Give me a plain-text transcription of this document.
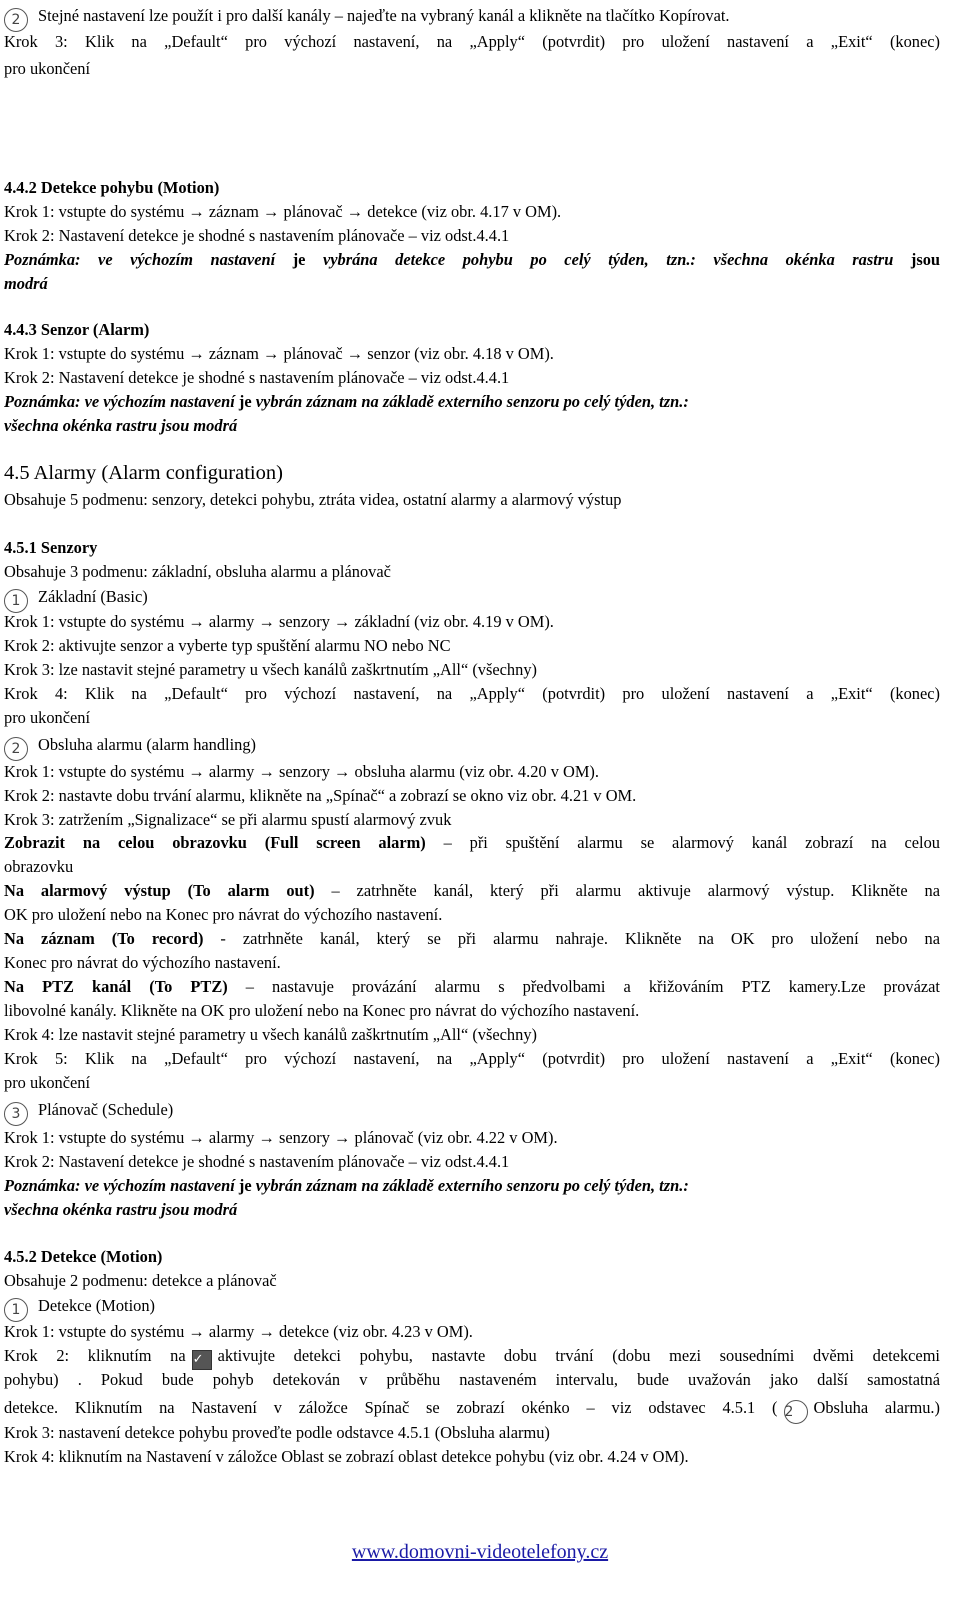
2 Stejné nastavení lze použít i pro další kanály – najeďte na vybraný kanál a klikněte na tlačítko Kopírovat.
Krok 3: Klik na „Default“ pro výchozí nastavení, na „Apply“ (potvrdit) pro uložení nastavení a „Exit“ (konec)
pro ukončení
4.4.2 Detekce pohybu (Motion)
Krok 1: vstupte do systému → záznam → plánovač → detekce (viz obr. 4.17 v OM).
Krok 2: Nastavení detekce je shodné s nastavením plánovače – viz odst.4.4.1
Poznámka: ve výchozím nastavení je vybrána detekce pohybu po celý týden, tzn.: všechna okénka rastru jsou
modrá
4.4.3 Senzor (Alarm)
Krok 1: vstupte do systému → záznam → plánovač → senzor (viz obr. 4.18 v OM).
Krok 2: Nastavení detekce je shodné s nastavením plánovače – viz odst.4.4.1
Poznámka: ve výchozím nastavení je vybrán záznam na základě externího senzoru po celý týden, tzn.:
všechna okénka rastru jsou modrá
4.5 Alarmy (Alarm configuration)
Obsahuje 5 podmenu: senzory, detekci pohybu, ztráta videa, ostatní alarmy a alarmový výstup
4.5.1 Senzory
Obsahuje 3 podmenu: základní, obsluha alarmu a plánovač
1 Základní (Basic)
Krok 1: vstupte do systému → alarmy → senzory → základní (viz obr. 4.19 v OM).
Krok 2: aktivujte senzor a vyberte typ spuštění alarmu NO nebo NC
Krok 3: lze nastavit stejné parametry u všech kanálů zaškrtnutím „All“ (všechny)
Krok 4: Klik na „Default“ pro výchozí nastavení, na „Apply“ (potvrdit) pro uložení nastavení a „Exit“ (konec)
pro ukončení
2 Obsluha alarmu (alarm handling)
Krok 1: vstupte do systému → alarmy → senzory → obsluha alarmu (viz obr. 4.20 v OM).
Krok 2: nastavte dobu trvání alarmu, klikněte na „Spínač“ a zobrazí se okno viz obr. 4.21 v OM.
Krok 3: zatržením „Signalizace“ se při alarmu spustí alarmový zvuk
Zobrazit na celou obrazovku (Full screen alarm) – při spuštění alarmu se alarmový kanál zobrazí na celou
obrazovku
Na alarmový výstup (To alarm out) – zatrhněte kanál, který při alarmu aktivuje alarmový výstup. Klikněte na
OK pro uložení nebo na Konec pro návrat do výchozího nastavení.
Na záznam (To record) - zatrhněte kanál, který se při alarmu nahraje. Klikněte na OK pro uložení nebo na
Konec pro návrat do výchozího nastavení.
Na PTZ kanál (To PTZ) – nastavuje provázání alarmu s předvolbami a křižováním PTZ kamery.Lze provázat
libovolné kanály. Klikněte na OK pro uložení nebo na Konec pro návrat do výchozího nastavení.
Krok 4: lze nastavit stejné parametry u všech kanálů zaškrtnutím „All“ (všechny)
Krok 5: Klik na „Default“ pro výchozí nastavení, na „Apply“ (potvrdit) pro uložení nastavení a „Exit“ (konec)
pro ukončení
3 Plánovač (Schedule)
Krok 1: vstupte do systému → alarmy → senzory → plánovač (viz obr. 4.22 v OM).
Krok 2: Nastavení detekce je shodné s nastavením plánovače – viz odst.4.4.1
Poznámka: ve výchozím nastavení je vybrán záznam na základě externího senzoru po celý týden, tzn.:
všechna okénka rastru jsou modrá
4.5.2 Detekce (Motion)
Obsahuje 2 podmenu: detekce a plánovač
1 Detekce (Motion)
Krok 1: vstupte do systému → alarmy → detekce (viz obr. 4.23 v OM).
Krok 2: kliknutím na ✓ aktivujte detekci pohybu, nastavte dobu trvání (dobu mezi sousedními dvěmi detekcemi
pohybu) . Pokud bude pohyb detekován v průběhu nastaveném intervalu, bude uvažován jako další samostatná
detekce. Kliknutím na Nastavení v záložce Spínač se zobrazí okénko – viz odstavec 4.5.1 ( 2 Obsluha alarmu.)
Krok 3: nastavení detekce pohybu proveďte podle odstavce 4.5.1 (Obsluha alarmu)
Krok 4: kliknutím na Nastavení v záložce Oblast se zobrazí oblast detekce pohybu (viz obr. 4.24 v OM).
www.domovni-videotelefony.cz
